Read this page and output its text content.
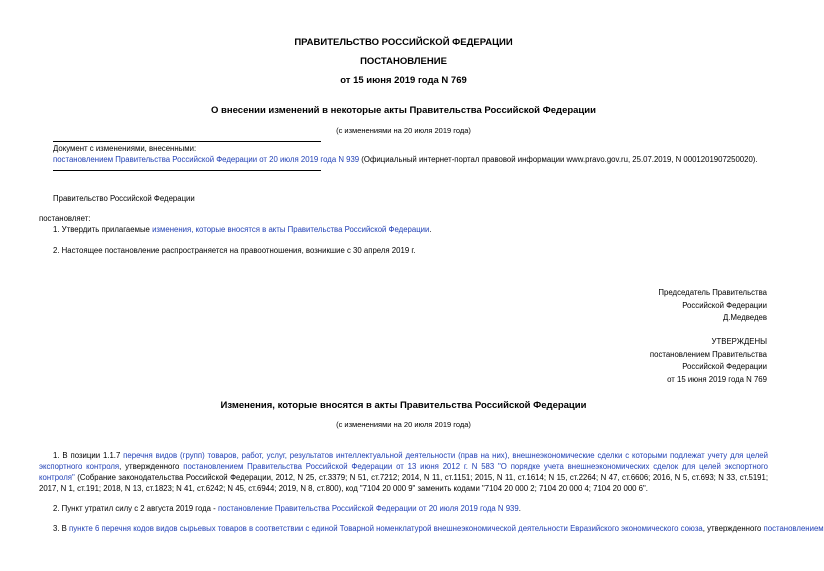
ПРАВИТЕЛЬСТВО РОССИЙСКОЙ ФЕДЕРАЦИИ
ПОСТАНОВЛЕНИЕ
от 15 июня 2019 года N 769
О внесении изменений в некоторые акты Правительства Российской Федерации
(с изменениями на 20 июля 2019 года)
Документ с изменениями, внесенными:
постановлением Правительства Российской Федерации от 20 июля 2019 года N 939 (Официальный интернет-портал правовой информации www.pravo.gov.ru, 25.07.2019, N 0001201907250020).
Правительство Российской Федерации
постановляет:
1. Утвердить прилагаемые изменения, которые вносятся в акты Правительства Российской Федерации.
2. Настоящее постановление распространяется на правоотношения, возникшие с 30 апреля 2019 г.
Председатель Правительства
Российской Федерации
Д.Медведев
УТВЕРЖДЕНЫ
постановлением Правительства
Российской Федерации
от 15 июня 2019 года N 769
Изменения, которые вносятся в акты Правительства Российской Федерации
(с изменениями на 20 июля 2019 года)
1. В позиции 1.1.7 перечня видов (групп) товаров, работ, услуг, результатов интеллектуальной деятельности (прав на них), внешнеэкономические сделки с которыми подлежат учету для целей экспортного контроля, утвержденного постановлением Правительства Российской Федерации от 13 июня 2012 г. N 583 "О порядке учета внешнеэкономических сделок для целей экспортного контроля" (Собрание законодательства Российской Федерации, 2012, N 25, ст.3379; N 51, ст.7212; 2014, N 11, ст.1151; 2015, N 11, ст.1614; N 15, ст.2264; N 47, ст.6606; 2016, N 5, ст.693; N 33, ст.5191; 2017, N 1, ст.191; 2018, N 13, ст.1823; N 41, ст.6242; N 45, ст.6944; 2019, N 8, ст.800), код "7104 20 000 9" заменить кодами "7104 20 000 2; 7104 20 000 4; 7104 20 000 6".
2. Пункт утратил силу с 2 августа 2019 года - постановление Правительства Российской Федерации от 20 июля 2019 года N 939.
3. В пункте 6 перечня кодов видов сырьевых товаров в соответствии с единой Товарной номенклатурой внешнеэкономической деятельности Евразийского экономического союза, утвержденного постановлением
